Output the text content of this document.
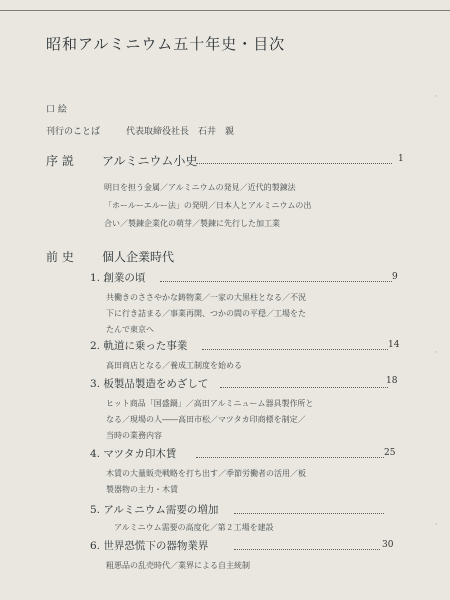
昭和アルミニウム五十年史・目次
口 絵
刊行のことば	代表取締役社長　石井　親
序 説 アルミニウム小史	1
明日を担う金属／アルミニウムの発見／近代的製錬法
「ホールーエルー法」の発明／日本人とアルミニウムの出
合い／製錬企業化の萌芽／製錬に先行した加工業
前 史 個人企業時代
1. 創業の頃	9
共働きのささやかな鋳物業／一家の大黒柱となる／不況
下に行き詰まる／事業再開、つかの間の平穏／工場をた
たんで東京へ
2. 軌道に乗った事業	14
高田商店となる／養成工制度を始める
3. 板製品製造をめざして	18
ヒット商品「国盛鍋」／高田アルミニューム器具製作所と
なる／現場の人――高田市松／マツタカ印商標を制定／
当時の業務内容
4. マツタカ印木賃	25
木賃の大量販売戦略を打ち出す／季節労働者の活用／板
製器物の主力・木賃
5. アルミニウム需要の増加
アルミニウム需要の高度化／第２工場を建設
6. 世界恐慌下の器物業界	30
粗悪品の乱売時代／業界による自主統制
·
·
·
